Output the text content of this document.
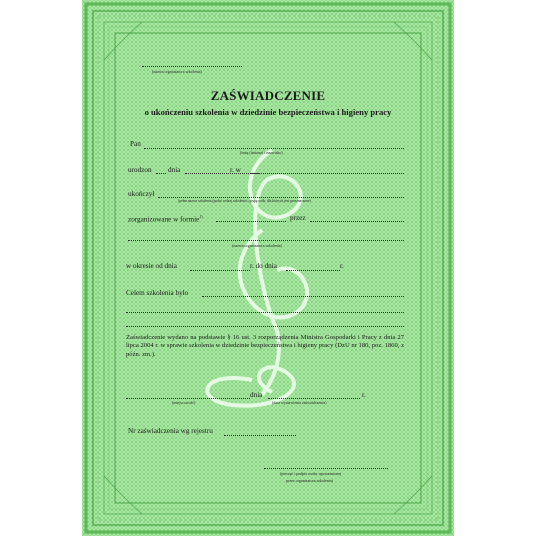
(nazwa organizatora szkolenia)
ZAŚWIADCZENIE
o ukończeniu szkolenia w dziedzinie bezpieczeństwa i higieny pracy
Pan
(imię (imiona) i nazwisko)
urodzon dnia	r. w
ukończył
(pełna nazwa szkolenia (podać rodzaj szkolenia i grupę osób, dla których jest przeznaczone)
zorganizowane w formie$^{1)}$	przez
(nazwa organizatora szkolenia)
w okresie od dnia	r. do dnia	r.
Celem szkolenia było
Zaświadczenie wydano na podstawie § 16 ust. 3 rozporządzenia Ministra Gospodarki i Pracy z dnia 27 lipca 2004 r. w sprawie szkolenia w dziedzinie bezpieczeństwa i higieny pracy (DzU nr 180, poz. 1860, z późn. zm.).
dnia	r.
(miejscowość)	(data wystawienia zaświadczenia)
Nr zaświadczenia wg rejestru
(pieczęć i podpis osoby upoważnionej
przez organizatora szkolenia)
